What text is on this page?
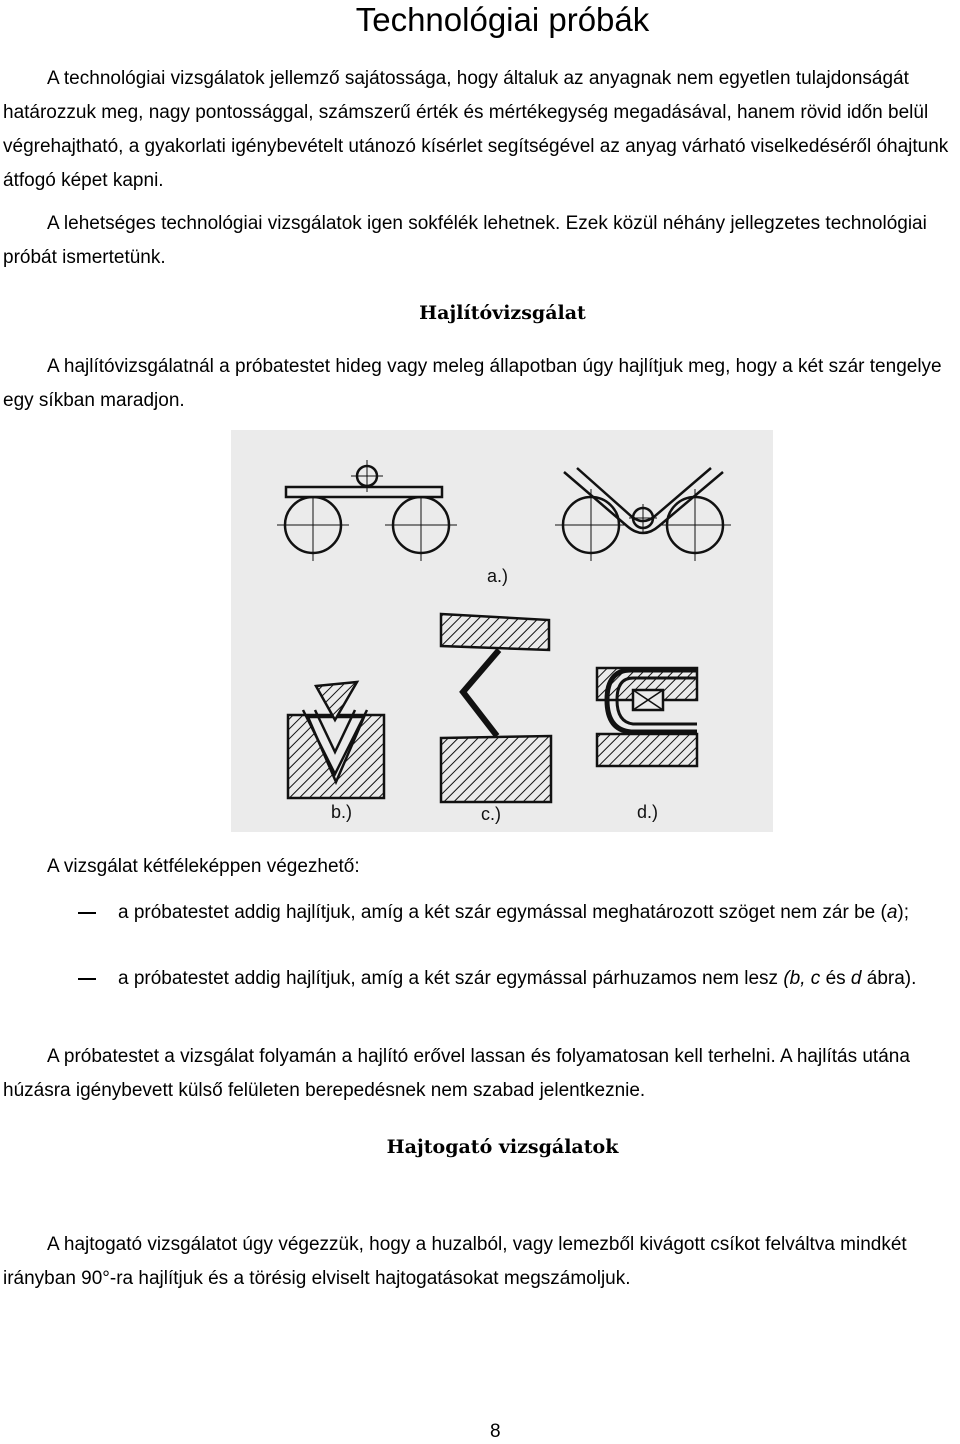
Technológiai próbák

A technológiai vizsgálatok jellemző sajátossága, hogy általuk az anyagnak nem egyetlen tulajdonságát határozzuk meg, nagy pontossággal, számszerű érték és mértékegység megadásával, hanem rövid időn belül végrehajtható, a gyakorlati igénybevételt utánozó kísérlet segítségével az anyag várható viselkedéséről óhajtunk átfogó képet kapni.

A lehetséges technológiai vizsgálatok igen sokfélék lehetnek. Ezek közül néhány jellegzetes technológiai próbát ismertetünk.

Hajlítóvizsgálat

A hajlítóvizsgálatnál a próbatestet hideg vagy meleg állapotban úgy hajlítjuk meg, hogy a két szár tengelye egy síkban maradjon.

a.)
b.)	c.)	d.)

A vizsgálat kétféleképpen végezhető:

a próbatestet addig hajlítjuk, amíg a két szár egymással meghatározott szöget nem zár be (a);
a próbatestet addig hajlítjuk, amíg a két szár egymással párhuzamos nem lesz (b, c és d ábra).

A próbatestet a vizsgálat folyamán a hajlító erővel lassan és folyamatosan kell terhelni. A hajlítás utána húzásra igénybevett külső felületen berepedésnek nem szabad jelentkeznie.

Hajtogató vizsgálatok

A hajtogató vizsgálatot úgy végezzük, hogy a huzalból, vagy lemezből kivágott csíkot felváltva mindkét irányban 90°-ra hajlítjuk és a törésig elviselt hajtogatásokat megszámoljuk.

8
